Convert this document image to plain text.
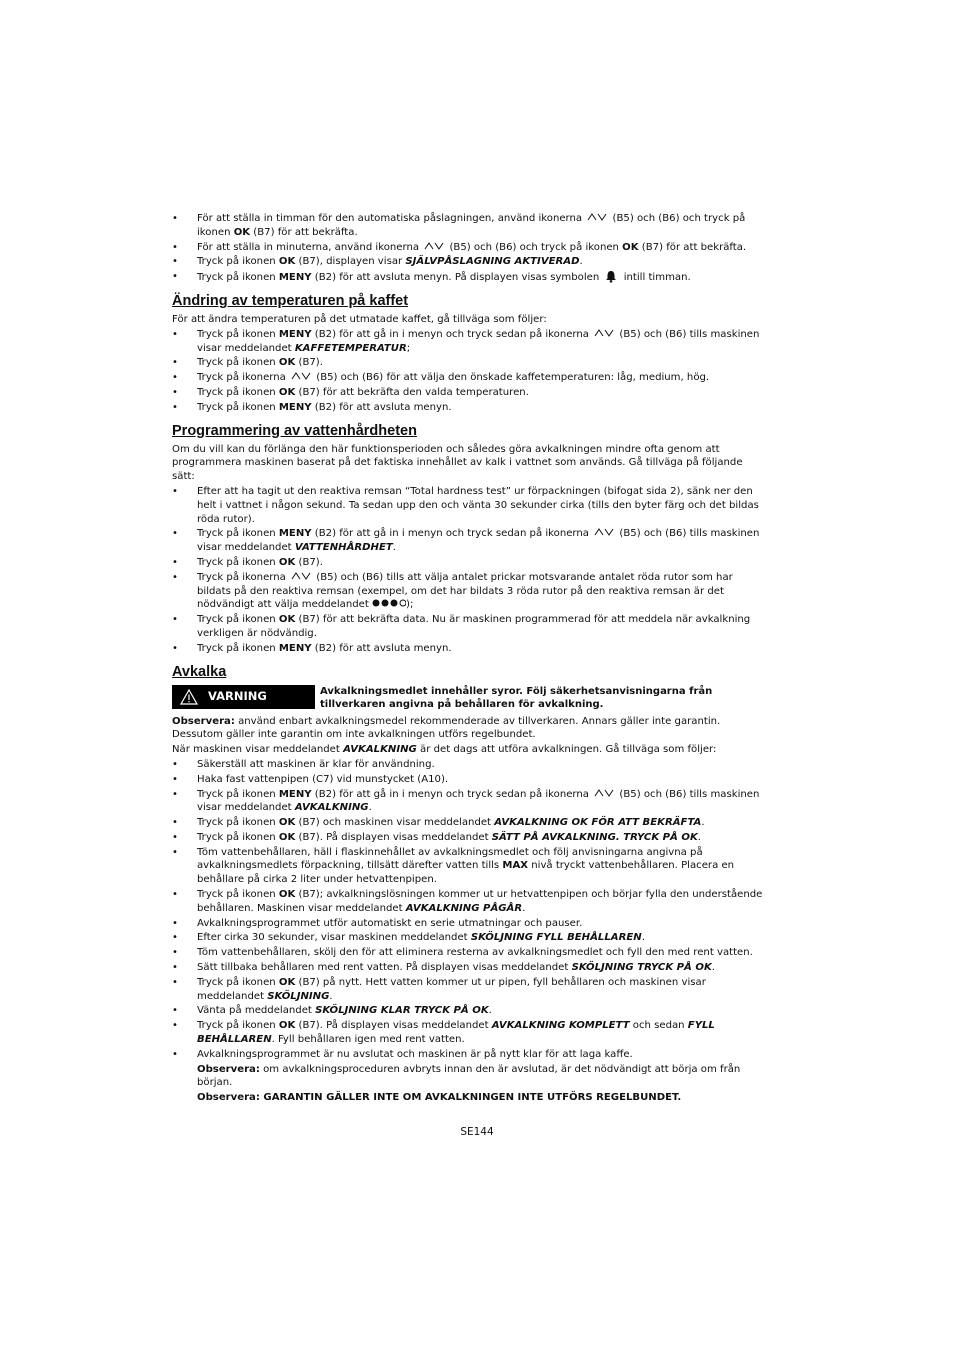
• För att ställa in timman för den automatiska påslagningen, använd ikonerna  (B5) och (B6) och tryck på ikonen OK (B7) för att bekräfta.
• För att ställa in minuterna, använd ikonerna  (B5) och (B6) och tryck på ikonen OK (B7) för att bekräfta.
• Tryck på ikonen OK (B7), displayen visar SJÄLVPÅSLAGNING AKTIVERAD.
• Tryck på ikonen MENY (B2) för att avsluta menyn. På displayen visas symbolen  intill timman.
Ändring av temperaturen på kaffet

För att ändra temperaturen på det utmatade kaffet, gå tillväga som följer:

• Tryck på ikonen MENY (B2) för att gå in i menyn och tryck sedan på ikonerna  (B5) och (B6) tills maskinen visar meddelandet KAFFETEMPERATUR;
• Tryck på ikonen OK (B7).
• Tryck på ikonerna  (B5) och (B6) för att välja den önskade kaffetemperaturen: låg, medium, hög.
• Tryck på ikonen OK (B7) för att bekräfta den valda temperaturen.
• Tryck på ikonen MENY (B2) för att avsluta menyn.
Programmering av vattenhårdheten

Om du vill kan du förlänga den här funktionsperioden och således göra avkalkningen mindre ofta genom att programmera maskinen baserat på det faktiska innehållet av kalk i vattnet som används. Gå tillväga på följande sätt:

• Efter att ha tagit ut den reaktiva remsan “Total hardness test” ur förpackningen (bifogat sida 2), sänk ner den helt i vattnet i någon sekund. Ta sedan upp den och vänta 30 sekunder cirka (tills den byter färg och det bildas röda rutor).
• Tryck på ikonen MENY (B2) för att gå in i menyn och tryck sedan på ikonerna  (B5) och (B6) tills maskinen visar meddelandet VATTENHÅRDHET.
• Tryck på ikonen OK (B7).
• Tryck på ikonerna  (B5) och (B6) tills att välja antalet prickar motsvarande antalet röda rutor som har bildats på den reaktiva remsan (exempel, om det har bildats 3 röda rutor på den reaktiva remsan är det nödvändigt att välja meddelandet	);
• Tryck på ikonen OK (B7) för att bekräfta data. Nu är maskinen programmerad för att meddela när avkalkning verkligen är nödvändig.
• Tryck på ikonen MENY (B2) för att avsluta menyn.
Avkalka
VARNING	Avkalkningsmedlet innehåller syror. Följ säkerhetsanvisningarna från tillverkaren angivna på behållaren för avkalkning.

Observera: använd enbart avkalkningsmedel rekommenderade av tillverkaren. Annars gäller inte garantin. Dessutom gäller inte garantin om inte avkalkningen utförs regelbundet.

När maskinen visar meddelandet AVKALKNING är det dags att utföra avkalkningen. Gå tillväga som följer:

• Säkerställ att maskinen är klar för användning.
• Haka fast vattenpipen (C7) vid munstycket (A10).
• Tryck på ikonen MENY (B2) för att gå in i menyn och tryck sedan på ikonerna  (B5) och (B6) tills maskinen visar meddelandet AVKALKNING.
• Tryck på ikonen OK (B7) och maskinen visar meddelandet AVKALKNING OK FÖR ATT BEKRÄFTA.
• Tryck på ikonen OK (B7). På displayen visas meddelandet SÄTT PÅ AVKALKNING. TRYCK PÅ OK.
• Töm vattenbehållaren, häll i flaskinnehållet av avkalkningsmedlet och följ anvisningarna angivna på avkalkningsmedlets förpackning, tillsätt därefter vatten tills MAX nivå tryckt vattenbehållaren. Placera en behållare på cirka 2 liter under hetvattenpipen.
• Tryck på ikonen OK (B7); avkalkningslösningen kommer ut ur hetvattenpipen och börjar fylla den understående behållaren. Maskinen visar meddelandet AVKALKNING PÅGÅR.
• Avkalkningsprogrammet utför automatiskt en serie utmatningar och pauser.
• Efter cirka 30 sekunder, visar maskinen meddelandet SKÖLJNING FYLL BEHÅLLAREN.
• Töm vattenbehållaren, skölj den för att eliminera resterna av avkalkningsmedlet och fyll den med rent vatten.
• Sätt tillbaka behållaren med rent vatten. På displayen visas meddelandet SKÖLJNING TRYCK PÅ OK.
• Tryck på ikonen OK (B7) på nytt. Hett vatten kommer ut ur pipen, fyll behållaren och maskinen visar meddelandet SKÖLJNING.
• Vänta på meddelandet SKÖLJNING KLAR TRYCK PÅ OK.
• Tryck på ikonen OK (B7). På displayen visas meddelandet AVKALKNING KOMPLETT och sedan FYLL BEHÅLLAREN. Fyll behållaren igen med rent vatten.
• Avkalkningsprogrammet är nu avslutat och maskinen är på nytt klar för att laga kaffe.

Observera: om avkalkningsproceduren avbryts innan den är avslutad, är det nödvändigt att börja om från början.

Observera: GARANTIN GÄLLER INTE OM AVKALKNINGEN INTE UTFÖRS REGELBUNDET.

SE144
